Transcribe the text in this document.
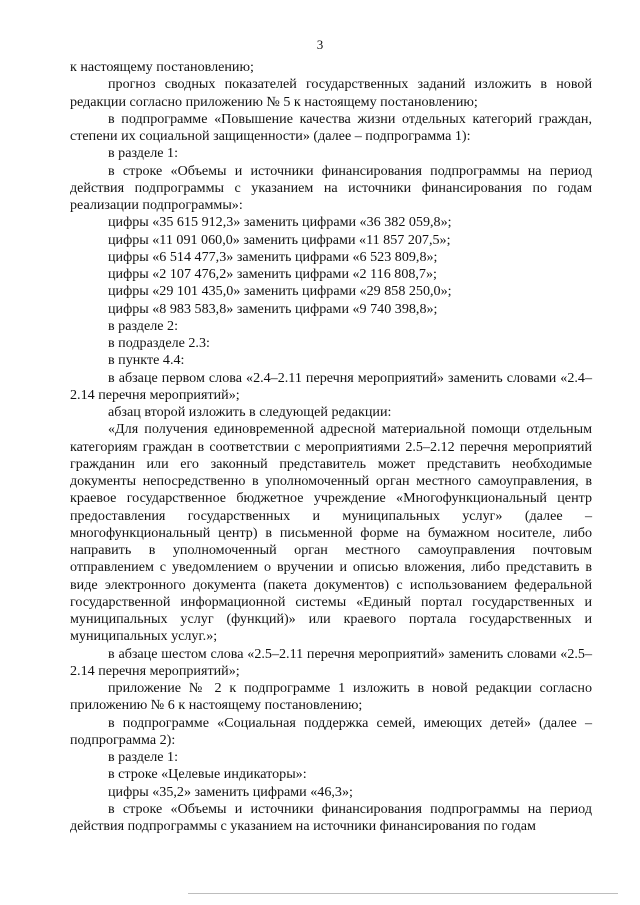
3

к настоящему постановлению;

прогноз сводных показателей государственных заданий изложить в новой редакции согласно приложению № 5 к настоящему постановлению;

в подпрограмме «Повышение качества жизни отдельных категорий граждан, степени их социальной защищенности» (далее – подпрограмма 1):

в разделе 1:

в строке «Объемы и источники финансирования подпрограммы на период действия подпрограммы с указанием на источники финансирования по годам реализации подпрограммы»:

цифры «35 615 912,3» заменить цифрами «36 382 059,8»;

цифры «11 091 060,0» заменить цифрами «11 857 207,5»;

цифры «6 514 477,3» заменить цифрами «6 523 809,8»;

цифры «2 107 476,2» заменить цифрами «2 116 808,7»;

цифры «29 101 435,0» заменить цифрами «29 858 250,0»;

цифры «8 983 583,8» заменить цифрами «9 740 398,8»;

в разделе 2:

в подразделе 2.3:

в пункте 4.4:

в абзаце первом слова «2.4–2.11 перечня мероприятий» заменить словами «2.4–2.14 перечня мероприятий»;

абзац второй изложить в следующей редакции:

«Для получения единовременной адресной материальной помощи отдельным категориям граждан в соответствии с мероприятиями 2.5–2.12 перечня мероприятий гражданин или его законный представитель может представить необходимые документы непосредственно в уполномоченный орган местного самоуправления, в краевое государственное бюджетное учреждение «Многофункциональный центр предоставления государственных и муниципальных услуг» (далее – многофункциональный центр) в письменной форме на бумажном носителе, либо направить в уполномоченный орган местного самоуправления почтовым отправлением с уведомлением о вручении и описью вложения, либо представить в виде электронного документа (пакета документов) с использованием федеральной государственной информационной системы «Единый портал государственных и муниципальных услуг (функций)» или краевого портала государственных и муниципальных услуг.»;

в абзаце шестом слова «2.5–2.11 перечня мероприятий» заменить словами «2.5–2.14 перечня мероприятий»;

приложение № 2 к подпрограмме 1 изложить в новой редакции согласно приложению № 6 к настоящему постановлению;

в подпрограмме «Социальная поддержка семей, имеющих детей» (далее – подпрограмма 2):

в разделе 1:

в строке «Целевые индикаторы»:

цифры «35,2» заменить цифрами «46,3»;

в строке «Объемы и источники финансирования подпрограммы на период действия подпрограммы с указанием на источники финансирования по годам
